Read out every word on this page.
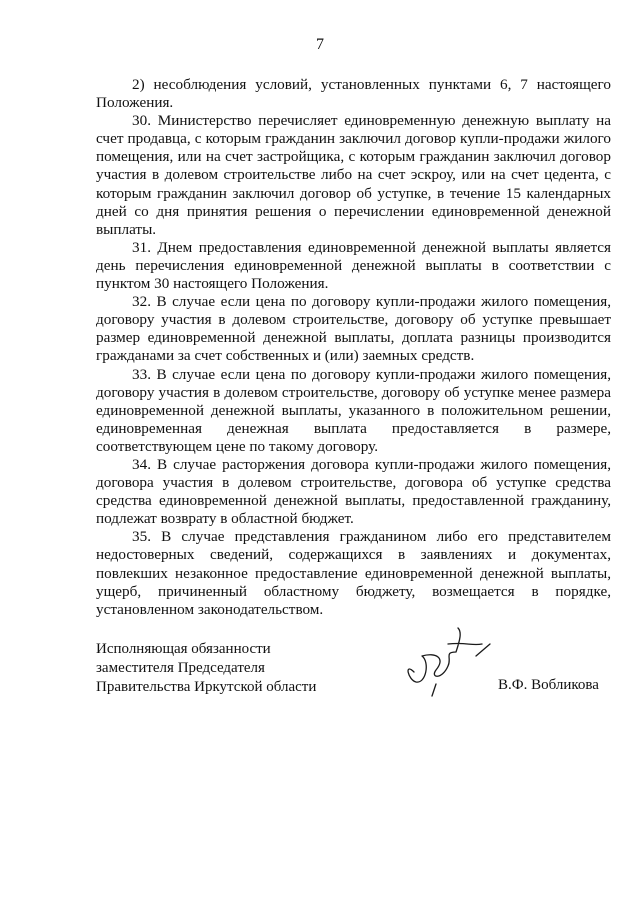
7

2) несоблюдения условий, установленных пунктами 6, 7 настоящего Положения.

30. Министерство перечисляет единовременную денежную выплату на счет продавца, с которым гражданин заключил договор купли-продажи жилого помещения, или на счет застройщика, с которым гражданин заключил договор участия в долевом строительстве либо на счет эскроу, или на счет цедента, с которым гражданин заключил договор об уступке, в течение 15 календарных дней со дня принятия решения о перечислении единовременной денежной выплаты.

31. Днем предоставления единовременной денежной выплаты является день перечисления единовременной денежной выплаты в соответствии с пунктом 30 настоящего Положения.

32. В случае если цена по договору купли-продажи жилого помещения, договору участия в долевом строительстве, договору об уступке превышает размер единовременной денежной выплаты, доплата разницы производится гражданами за счет собственных и (или) заемных средств.

33. В случае если цена по договору купли-продажи жилого помещения, договору участия в долевом строительстве, договору об уступке менее размера единовременной денежной выплаты, указанного в положительном решении, единовременная денежная выплата предоставляется в размере, соответствующем цене по такому договору.

34. В случае расторжения договора купли-продажи жилого помещения, договора участия в долевом строительстве, договора об уступке средства средства единовременной денежной выплаты, предоставленной гражданину, подлежат возврату в областной бюджет.

35. В случае представления гражданином либо его представителем недостоверных сведений, содержащихся в заявлениях и документах, повлекших незаконное предоставление единовременной денежной выплаты, ущерб, причиненный областному бюджету, возмещается в порядке, установленном законодательством.

Исполняющая обязанности
заместителя Председателя
Правительства Иркутской области	В.Ф. Вобликова
